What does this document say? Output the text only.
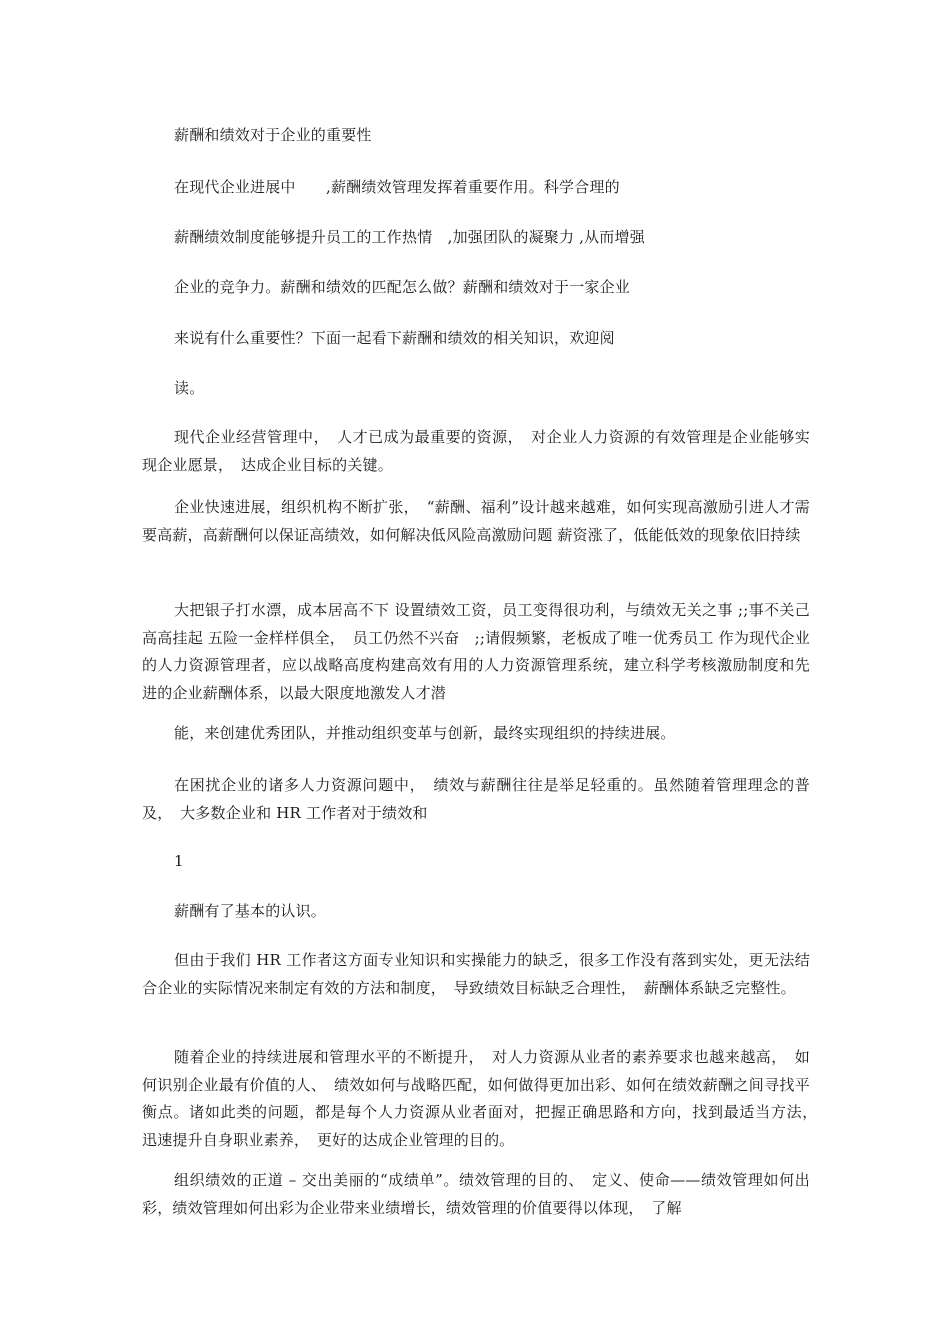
薪酬和绩效对于企业的重要性

在现代企业进展中　　,薪酬绩效管理发挥着重要作用。科学合理的

薪酬绩效制度能够提升员工的工作热情　,加强团队的凝聚力 ,从而增强

企业的竞争力。薪酬和绩效的匹配怎么做？薪酬和绩效对于一家企业

来说有什么重要性？下面一起看下薪酬和绩效的相关知识，欢迎阅

读。

现代企业经营管理中，　人才已成为最重要的资源，　对企业人力资源的有效管理是企业能够实现企业愿景，　达成企业目标的关键。

企业快速进展，组织机构不断扩张，　“薪酬、福利”设计越来越难，如何实现高激励引进人才需要高薪，高薪酬何以保证高绩效，如何解决低风险高激励问题 薪资涨了，低能低效的现象依旧持续

大把银子打水漂，成本居高不下 设置绩效工资，员工变得很功利，与绩效无关之事 ;;事不关己高高挂起 五险一金样样俱全，　员工仍然不兴奋　;;请假频繁，老板成了唯一优秀员工 作为现代企业的人力资源管理者，应以战略高度构建高效有用的人力资源管理系统，建立科学考核激励制度和先进的企业薪酬体系，以最大限度地激发人才潜

能，来创建优秀团队，并推动组织变革与创新，最终实现组织的持续进展。

在困扰企业的诸多人力资源问题中，　绩效与薪酬往往是举足轻重的。虽然随着管理理念的普及，　大多数企业和 HR 工作者对于绩效和

1

薪酬有了基本的认识。

但由于我们 HR 工作者这方面专业知识和实操能力的缺乏，很多工作没有落到实处，更无法结合企业的实际情况来制定有效的方法和制度，　导致绩效目标缺乏合理性，　薪酬体系缺乏完整性。

随着企业的持续进展和管理水平的不断提升，　对人力资源从业者的素养要求也越来越高，　如何识别企业最有价值的人、　绩效如何与战略匹配，如何做得更加出彩、如何在绩效薪酬之间寻找平衡点。诸如此类的问题，都是每个人力资源从业者面对，把握正确思路和方向，找到最适当方法，　迅速提升自身职业素养，　更好的达成企业管理的目的。

组织绩效的正道 – 交出美丽的“成绩单”。绩效管理的目的、　定义、使命——绩效管理如何出彩，绩效管理如何出彩为企业带来业绩增长，绩效管理的价值要得以体现，　了解
